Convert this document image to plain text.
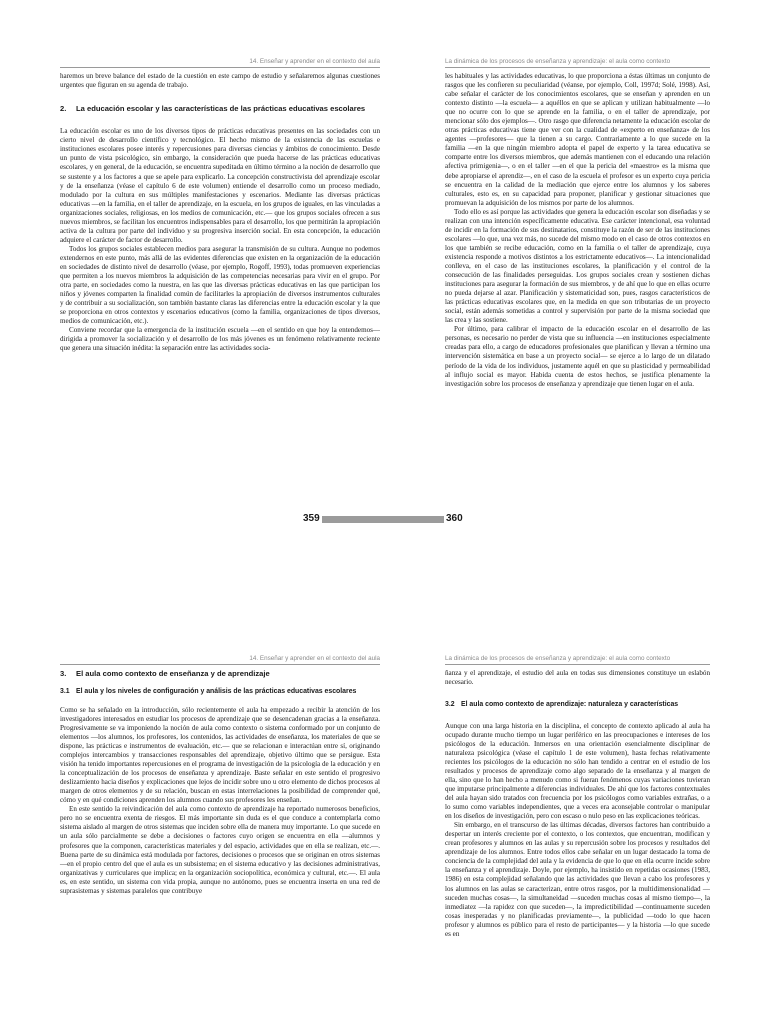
14. Enseñar y aprender en el contexto del aula

haremos un breve balance del estado de la cuestión en este campo de estudio y señalaremos algunas cuestiones urgentes que figuran en su agenda de trabajo.

2.	La educación escolar y las características de las prácticas educativas escolares

La educación escolar es uno de los diversos tipos de prácticas educativas presentes en las sociedades con un cierto nivel de desarrollo científico y tecnológico. El hecho mismo de la existencia de las escuelas e instituciones escolares posee interés y repercusiones para diversas ciencias y ámbitos de conocimiento. Desde un punto de vista psicológico, sin embargo, la consideración que pueda hacerse de las prácticas educativas escolares, y en general, de la educación, se encuentra supeditada en último término a la noción de desarrollo que se sustente y a los factores a que se apele para explicarlo. La concepción constructivista del aprendizaje escolar y de la enseñanza (véase el capítulo 6 de este volumen) entiende el desarrollo como un proceso mediado, modulado por la cultura en sus múltiples manifestaciones y escenarios. Mediante las diversas prácticas educativas —en la familia, en el taller de aprendizaje, en la escuela, en los grupos de iguales, en las vinculadas a organizaciones sociales, religiosas, en los medios de comunicación, etc.— que los grupos sociales ofrecen a sus nuevos miembros, se facilitan los encuentros indispensables para el desarrollo, los que permitirán la apropiación activa de la cultura por parte del individuo y su progresiva inserción social. En esta concepción, la educación adquiere el carácter de factor de desarrollo.

Todos los grupos sociales establecen medios para asegurar la transmisión de su cultura. Aunque no podemos extendernos en este punto, más allá de las evidentes diferencias que existen en la organización de la educación en sociedades de distinto nivel de desarrollo (véase, por ejemplo, Rogoff, 1993), todas promueven experiencias que permiten a los nuevos miembros la adquisición de las competencias necesarias para vivir en el grupo. Por otra parte, en sociedades como la nuestra, en las que las diversas prácticas educativas en las que participan los niños y jóvenes comparten la finalidad común de facilitarles la apropiación de diversos instrumentos culturales y de contribuir a su socialización, son también bastante claras las diferencias entre la educación escolar y la que se proporciona en otros contextos y escenarios educativos (como la familia, organizaciones de tipos diversos, medios de comunicación, etc.).

Conviene recordar que la emergencia de la institución escuela —en el sentido en que hoy la entendemos— dirigida a promover la socialización y el desarrollo de los más jóvenes es un fenómeno relativamente reciente que genera una situación inédita: la separación entre las actividades socia-

La dinámica de los procesos de enseñanza y aprendizaje: el aula como contexto

les habituales y las actividades educativas, lo que proporciona a éstas últimas un conjunto de rasgos que les confieren su peculiaridad (véanse, por ejemplo, Coll, 1997d; Solé, 1998). Así, cabe señalar el carácter de los conocimientos escolares, que se enseñan y aprenden en un contexto distinto —la escuela— a aquéllos en que se aplican y utilizan habitualmente —lo que no ocurre con lo que se aprende en la familia, o en el taller de aprendizaje, por mencionar sólo dos ejemplos—. Otro rasgo que diferencia netamente la educación escolar de otras prácticas educativas tiene que ver con la cualidad de «experto en enseñanza» de los agentes —profesores— que la tienen a su cargo. Contrariamente a lo que sucede en la familia —en la que ningún miembro adopta el papel de experto y la tarea educativa se comparte entre los diversos miembros, que además mantienen con el educando una relación afectiva primigenia—, o en el taller —en el que la pericia del «maestro» es la misma que debe apropiarse el aprendiz—, en el caso de la escuela el profesor es un experto cuya pericia se encuentra en la calidad de la mediación que ejerce entre los alumnos y los saberes culturales, esto es, en su capacidad para proponer, planificar y gestionar situaciones que promuevan la adquisición de los mismos por parte de los alumnos.

Todo ello es así porque las actividades que genera la educación escolar son diseñadas y se realizan con una intención específicamente educativa. Ese carácter intencional, esa voluntad de incidir en la formación de sus destinatarios, constituye la razón de ser de las instituciones escolares —lo que, una vez más, no sucede del mismo modo en el caso de otros contextos en los que también se recibe educación, como en la familia o el taller de aprendizaje, cuya existencia responde a motivos distintos a los estrictamente educativos—. La intencionalidad conlleva, en el caso de las instituciones escolares, la planificación y el control de la consecución de las finalidades perseguidas. Los grupos sociales crean y sostienen dichas instituciones para asegurar la formación de sus miembros, y de ahí que lo que en ellas ocurre no pueda dejarse al azar. Planificación y sistematicidad son, pues, rasgos característicos de las prácticas educativas escolares que, en la medida en que son tributarias de un proyecto social, están además sometidas a control y supervisión por parte de la misma sociedad que las crea y las sostiene.

Por último, para calibrar el impacto de la educación escolar en el desarrollo de las personas, es necesario no perder de vista que su influencia —en instituciones especialmente creadas para ello, a cargo de educadores profesionales que planifican y llevan a término una intervención sistemática en base a un proyecto social— se ejerce a lo largo de un dilatado período de la vida de los individuos, justamente aquél en que su plasticidad y permeabilidad al influjo social es mayor. Habida cuenta de estos hechos, se justifica plenamente la investigación sobre los procesos de enseñanza y aprendizaje que tienen lugar en el aula.

359	360
14. Enseñar y aprender en el contexto del aula
3.	El aula como contexto de enseñanza y de aprendizaje
3.1 El aula y los niveles de configuración y análisis de las prácticas educativas escolares

Como se ha señalado en la introducción, sólo recientemente el aula ha empezado a recibir la atención de los investigadores interesados en estudiar los procesos de aprendizaje que se desencadenan gracias a la enseñanza. Progresivamente se va imponiendo la noción de aula como contexto o sistema conformado por un conjunto de elementos —los alumnos, los profesores, los contenidos, las actividades de enseñanza, los materiales de que se dispone, las prácticas e instrumentos de evaluación, etc.— que se relacionan e interactúan entre sí, originando complejos intercambios y transacciones responsables del aprendizaje, objetivo último que se persigue. Esta visión ha tenido importantes repercusiones en el programa de investigación de la psicología de la educación y en la conceptualización de los procesos de enseñanza y aprendizaje. Baste señalar en este sentido el progresivo deslizamiento hacia diseños y explicaciones que lejos de incidir sobre uno u otro elemento de dichos procesos al margen de otros elementos y de su relación, buscan en estas interrelaciones la posibilidad de comprender qué, cómo y en qué condiciones aprenden los alumnos cuando sus profesores les enseñan.

En este sentido la reivindicación del aula como contexto de aprendizaje ha reportado numerosos beneficios, pero no se encuentra exenta de riesgos. El más importante sin duda es el que conduce a contemplarla como sistema aislado al margen de otros sistemas que inciden sobre ella de manera muy importante. Lo que sucede en un aula sólo parcialmente se debe a decisiones o factores cuyo origen se encuentra en ella —alumnos y profesores que la componen, características materiales y del espacio, actividades que en ella se realizan, etc.—. Buena parte de su dinámica está modulada por factores, decisiones o procesos que se originan en otros sistemas —en el propio centro del que el aula es un subsistema; en el sistema educativo y las decisiones administrativas, organizativas y curriculares que implica; en la organización sociopolítica, económica y cultural, etc.—. El aula es, en este sentido, un sistema con vida propia, aunque no autónomo, pues se encuentra inserta en una red de suprasistemas y sistemas paralelos que contribuye

La dinámica de los procesos de enseñanza y aprendizaje: el aula como contexto

ñanza y el aprendizaje, el estudio del aula en todas sus dimensiones constituye un eslabón necesario.

3.2 El aula como contexto de aprendizaje: naturaleza y características

Aunque con una larga historia en la disciplina, el concepto de contexto aplicado al aula ha ocupado durante mucho tiempo un lugar periférico en las preocupaciones e intereses de los psicólogos de la educación. Inmersos en una orientación esencialmente disciplinar de naturaleza psicológica (véase el capítulo 1 de este volumen), hasta fechas relativamente recientes los psicólogos de la educación no sólo han tendido a centrar en el estudio de los resultados y procesos de aprendizaje como algo separado de la enseñanza y al margen de ella, sino que lo han hecho a menudo como si fueran fenómenos cuyas variaciones tuvieran que imputarse principalmente a diferencias individuales. De ahí que los factores contextuales del aula hayan sido tratados con frecuencia por los psicólogos como variables extrañas, o a lo sumo como variables independientes, que a veces era aconsejable controlar o manipular en los diseños de investigación, pero con escaso o nulo peso en las explicaciones teóricas.

Sin embargo, en el transcurso de las últimas décadas, diversos factores han contribuido a despertar un interés creciente por el contexto, o los contextos, que encuentran, modifican y crean profesores y alumnos en las aulas y su repercusión sobre los procesos y resultados del aprendizaje de los alumnos. Entre todos ellos cabe señalar en un lugar destacado la toma de conciencia de la complejidad del aula y la evidencia de que lo que en ella ocurre incide sobre la enseñanza y el aprendizaje. Doyle, por ejemplo, ha insistido en repetidas ocasiones (1983, 1986) en esta complejidad señalando que las actividades que llevan a cabo los profesores y los alumnos en las aulas se caracterizan, entre otros rasgos, por la multidimensionalidad —suceden muchas cosas—, la simultaneidad —suceden muchas cosas al mismo tiempo—, la inmediatez —la rapidez con que suceden—, la impredictibilidad —continuamente suceden cosas inesperadas y no planificadas previamente—, la publicidad —todo lo que hacen profesor y alumnos es público para el resto de participantes— y la historia —lo que sucede es en
